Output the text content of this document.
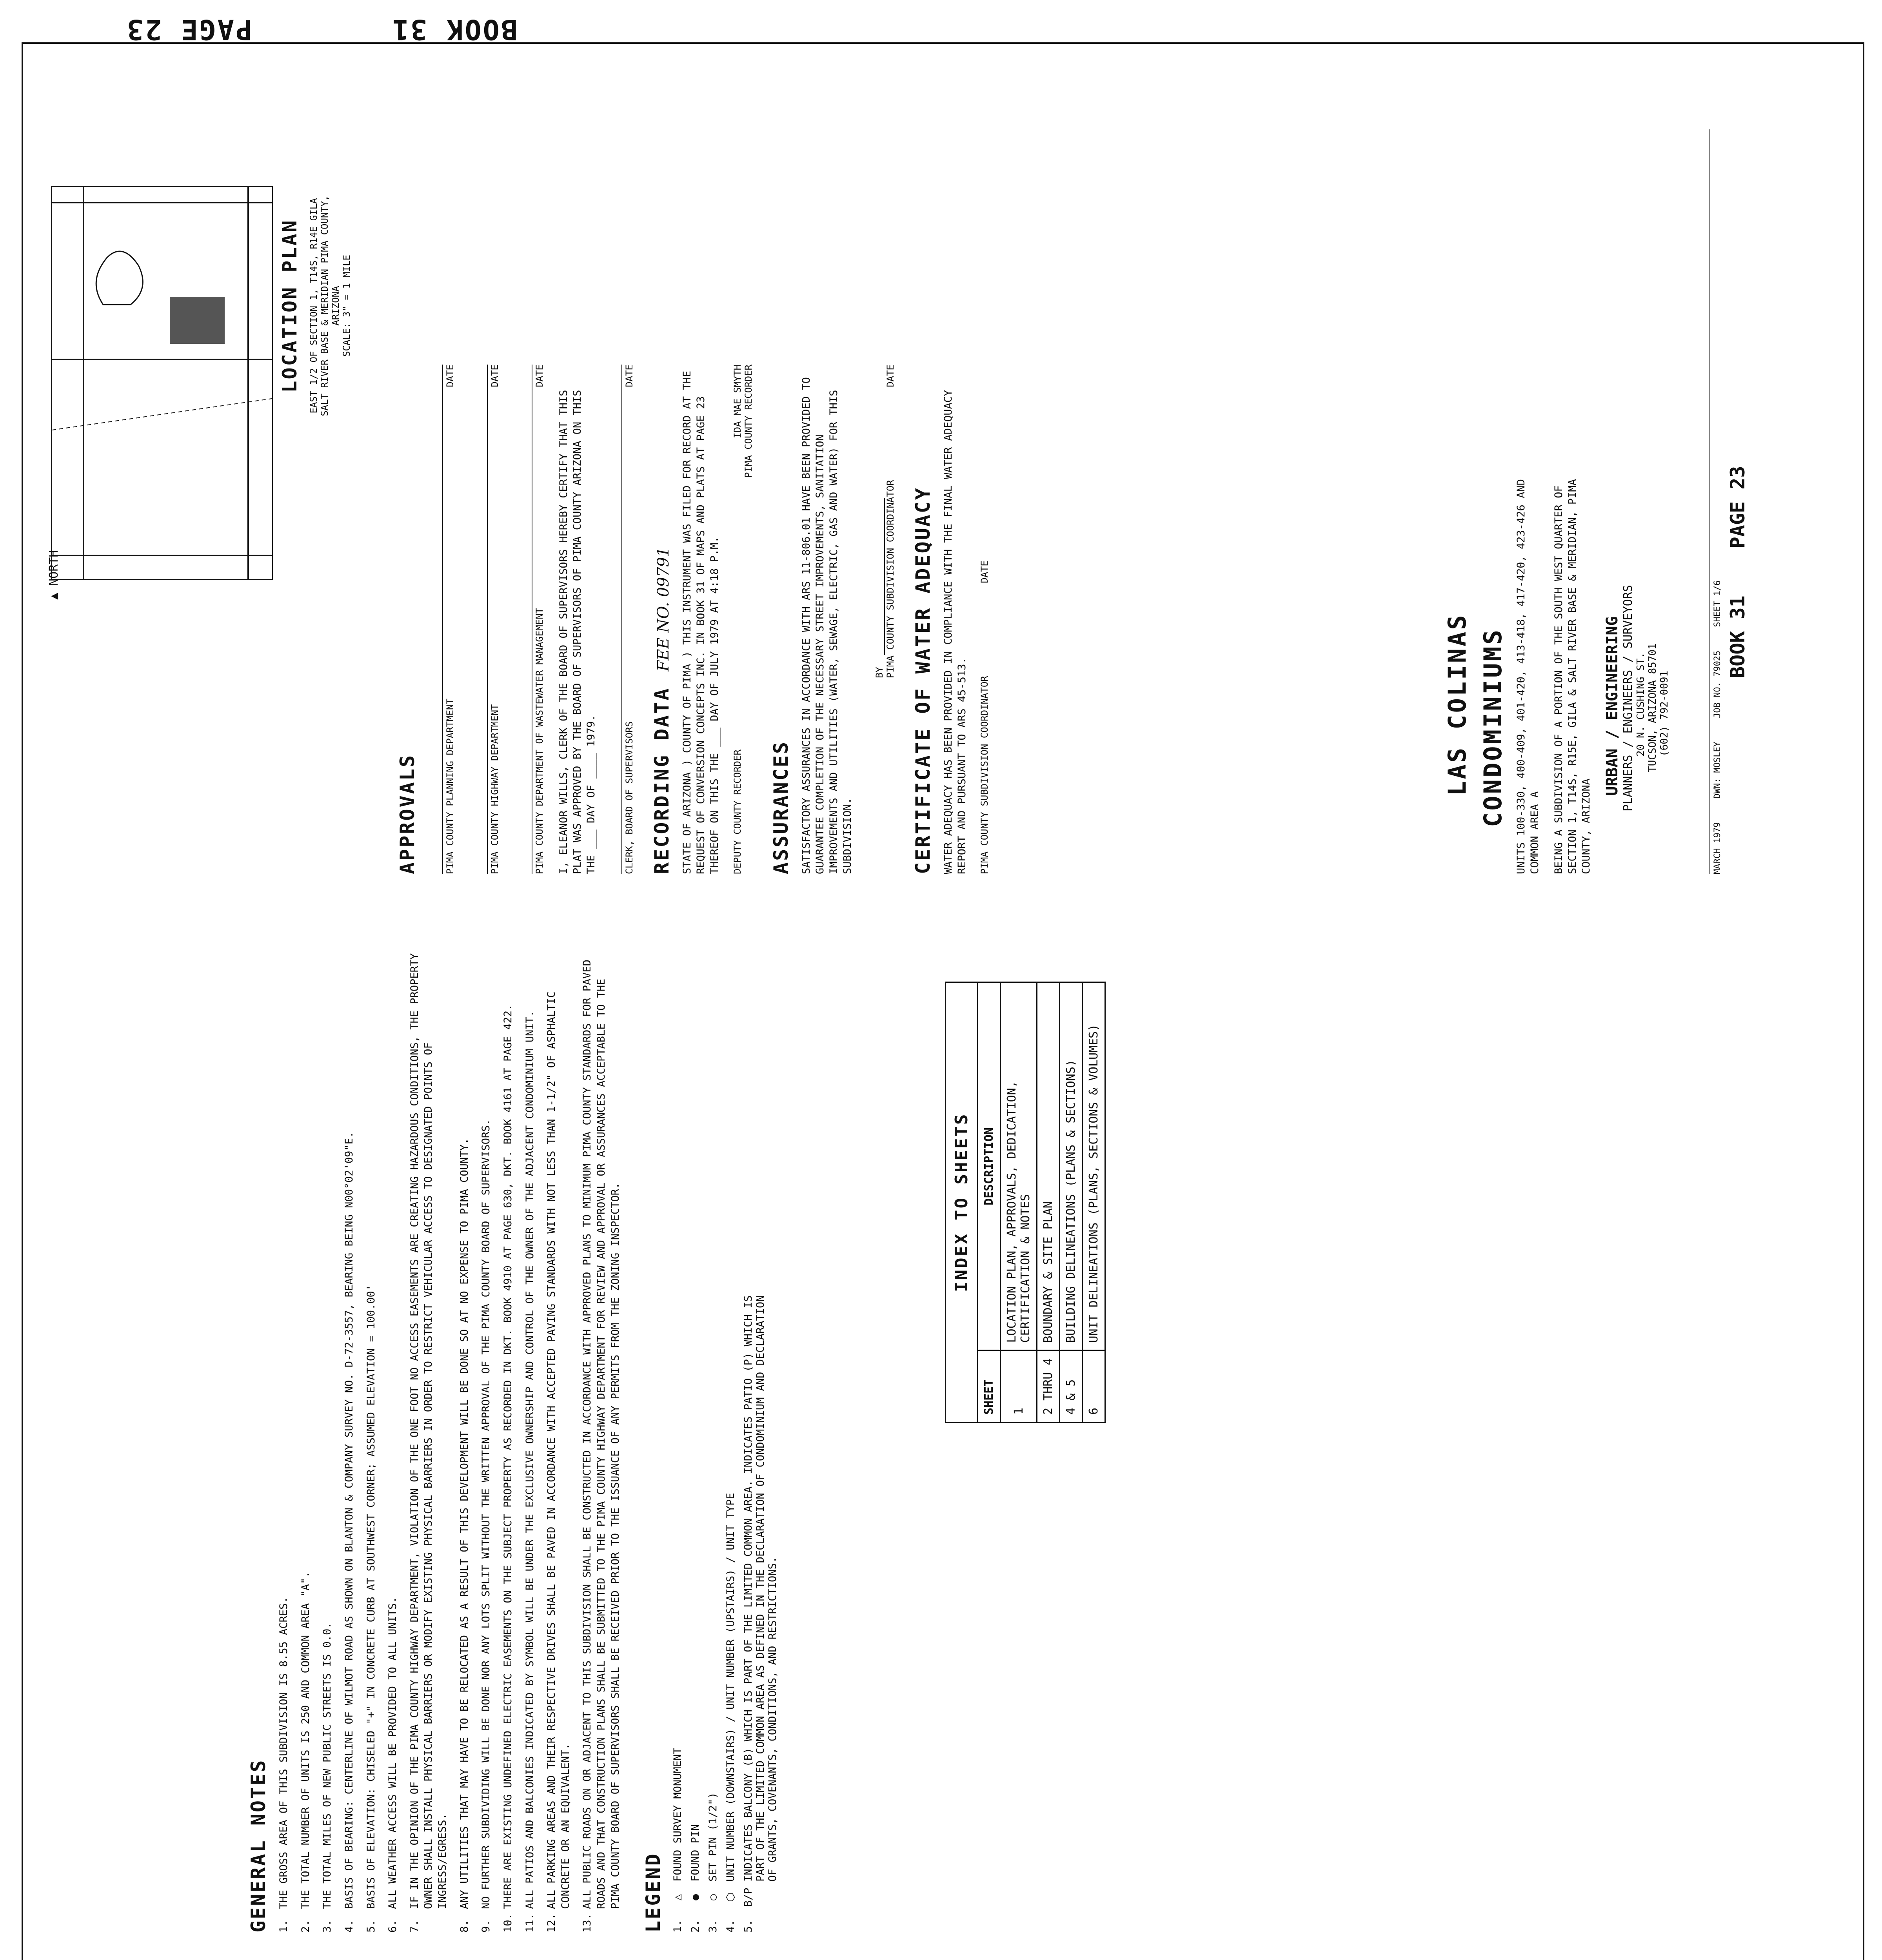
BOOK 31
PAGE 23

GENERAL NOTES 1.
THE GROSS AREA OF THIS SUBDIVISION IS 8.55 ACRES.
2.
THE TOTAL NUMBER OF UNITS IS 250 AND COMMON AREA "A".
3.
THE TOTAL MILES OF NEW PUBLIC STREETS IS 0.0.
4.
BASIS OF BEARING: CENTERLINE OF WILMOT ROAD AS SHOWN ON BLANTON & COMPANY SURVEY NO. D-72-3557, BEARING BEING N00°02'09"E.
5.
BASIS OF ELEVATION: CHISELED "+" IN CONCRETE CURB AT SOUTHWEST CORNER; ASSUMED ELEVATION = 100.00'
6.
ALL WEATHER ACCESS WILL BE PROVIDED TO ALL UNITS.
7.
IF IN THE OPINION OF THE PIMA COUNTY HIGHWAY DEPARTMENT, VIOLATION OF THE ONE FOOT NO ACCESS EASEMENTS ARE CREATING HAZARDOUS CONDITIONS, THE PROPERTY OWNER SHALL INSTALL PHYSICAL BARRIERS OR MODIFY EXISTING PHYSICAL BARRIERS IN ORDER TO RESTRICT VEHICULAR ACCESS TO DESIGNATED POINTS OF INGRESS/EGRESS.
8.
ANY UTILITIES THAT MAY HAVE TO BE RELOCATED AS A RESULT OF THIS DEVELOPMENT WILL BE DONE SO AT NO EXPENSE TO PIMA COUNTY.
9.
NO FURTHER SUBDIVIDING WILL BE DONE NOR ANY LOTS SPLIT WITHOUT THE WRITTEN APPROVAL OF THE PIMA COUNTY BOARD OF SUPERVISORS.
10.
THERE ARE EXISTING UNDEFINED ELECTRIC EASEMENTS ON THE SUBJECT PROPERTY AS RECORDED IN DKT. BOOK 4910 AT PAGE 630, DKT. BOOK 4161 AT PAGE 422.
11.
ALL PATIOS AND BALCONIES INDICATED BY SYMBOL WILL BE UNDER THE EXCLUSIVE OWNERSHIP AND CONTROL OF THE OWNER OF THE ADJACENT CONDOMINIUM UNIT.
12.
ALL PARKING AREAS AND THEIR RESPECTIVE DRIVES SHALL BE PAVED IN ACCORDANCE WITH ACCEPTED PAVING STANDARDS WITH NOT LESS THAN 1-1/2" OF ASPHALTIC CONCRETE OR AN EQUIVALENT.
13.
ALL PUBLIC ROADS ON OR ADJACENT TO THIS SUBDIVISION SHALL BE CONSTRUCTED IN ACCORDANCE WITH APPROVED PLANS TO MINIMUM PIMA COUNTY STANDARDS FOR PAVED ROADS AND THAT CONSTRUCTION PLANS SHALL BE SUBMITTED TO THE PIMA COUNTY HIGHWAY DEPARTMENT FOR REVIEW AND APPROVAL OR ASSURANCES ACCEPTABLE TO THE PIMA COUNTY BOARD OF SUPERVISORS SHALL BE RECEIVED PRIOR TO THE ISSUANCE OF ANY PERMITS FROM THE ZONING INSPECTOR. LEGEND 1.
△
FOUND SURVEY MONUMENT
2.
●
FOUND PIN
3.
○
SET PIN (1/2")
4.
⬡
UNIT NUMBER (DOWNSTAIRS) / UNIT NUMBER (UPSTAIRS) / UNIT TYPE
5.
B/P
INDICATES BALCONY (B) WHICH IS PART OF THE LIMITED COMMON AREA. INDICATES PATIO (P) WHICH IS PART OF THE LIMITED COMMON AREA AS DEFINED IN THE DECLARATION OF CONDOMINIUM AND DECLARATION OF GRANTS, COVENANTS, CONDITIONS, AND RESTRICTIONS.
INDEX TO SHEETS
SHEET	DESCRIPTION
1	LOCATION PLAN, APPROVALS, DEDICATION, CERTIFICATION & NOTES
2 THRU 4	BOUNDARY & SITE PLAN
4 & 5	BUILDING DELINEATIONS (PLANS & SECTIONS)
6	UNIT DELINEATIONS (PLANS, SECTIONS & VOLUMES)
▲ NORTH
LOCATION PLAN EAST 1/2 OF SECTION 1, T14S, R14E GILA SALT RIVER BASE & MERIDIAN PIMA COUNTY, ARIZONA SCALE: 3" = 1 MILE
APPROVALS	PIMA COUNTY PLANNING DEPARTMENT
DATE
PIMA COUNTY HIGHWAY DEPARTMENT
DATE
PIMA COUNTY DEPARTMENT OF WASTEWATER MANAGEMENT
DATE

I, ELEANOR WILLS, CLERK OF THE BOARD OF SUPERVISORS HEREBY CERTIFY THAT THIS PLAT WAS APPROVED BY THE BOARD OF SUPERVISORS OF PIMA COUNTY ARIZONA ON THIS THE ___ DAY OF ____ 1979.	CLERK, BOARD OF SUPERVISORS
DATE
RECORDING DATA
FEE NO. 09791 STATE OF ARIZONA ) COUNTY OF PIMA ) THIS INSTRUMENT WAS FILED FOR RECORD AT THE REQUEST OF CONVERSION CONCEPTS INC. IN BOOK 31 OF MAPS AND PLATS AT PAGE 23 THEREOF ON THIS THE ___ DAY OF JULY 1979 AT 4:18 P.M. DEPUTY COUNTY RECORDER
IDA MAE SMYTH PIMA COUNTY RECORDER
ASSURANCES SATISFACTORY ASSURANCES IN ACCORDANCE WITH ARS 11-806.01 HAVE BEEN PROVIDED TO GUARANTEE COMPLETION OF THE NECESSARY STREET IMPROVEMENTS, SANITATION IMPROVEMENTS AND UTILITIES (WATER, SEWAGE, ELECTRIC, GAS AND WATER) FOR THIS SUBDIVISION.

BY PIMA COUNTY SUBDIVISION COORDINATOR
DATE
CERTIFICATE OF WATER ADEQUACY WATER ADEQUACY HAS BEEN PROVIDED IN COMPLIANCE WITH THE FINAL WATER ADEQUACY REPORT AND PURSUANT TO ARS 45-513. PIMA COUNTY SUBDIVISION COORDINATOR
DATE
LAS COLINAS CONDOMINIUMS UNITS 100-330, 400-409, 401-420, 413-418, 417-420, 423-426 AND COMMON AREA A BEING A SUBDIVISION OF A PORTION OF THE SOUTH WEST QUARTER OF SECTION 1, T14S, R15E, GILA & SALT RIVER BASE & MERIDIAN, PIMA COUNTY, ARIZONA

URBAN / ENGINEERING PLANNERS / ENGINEERS / SURVEYORS 20 N. CUSHING ST. TUCSON, ARIZONA 85701 (602) 792-0091
MARCH 1979
DWN: MOSLEY
JOB NO. 79025
SHEET 1/6 BOOK 31
PAGE 23
